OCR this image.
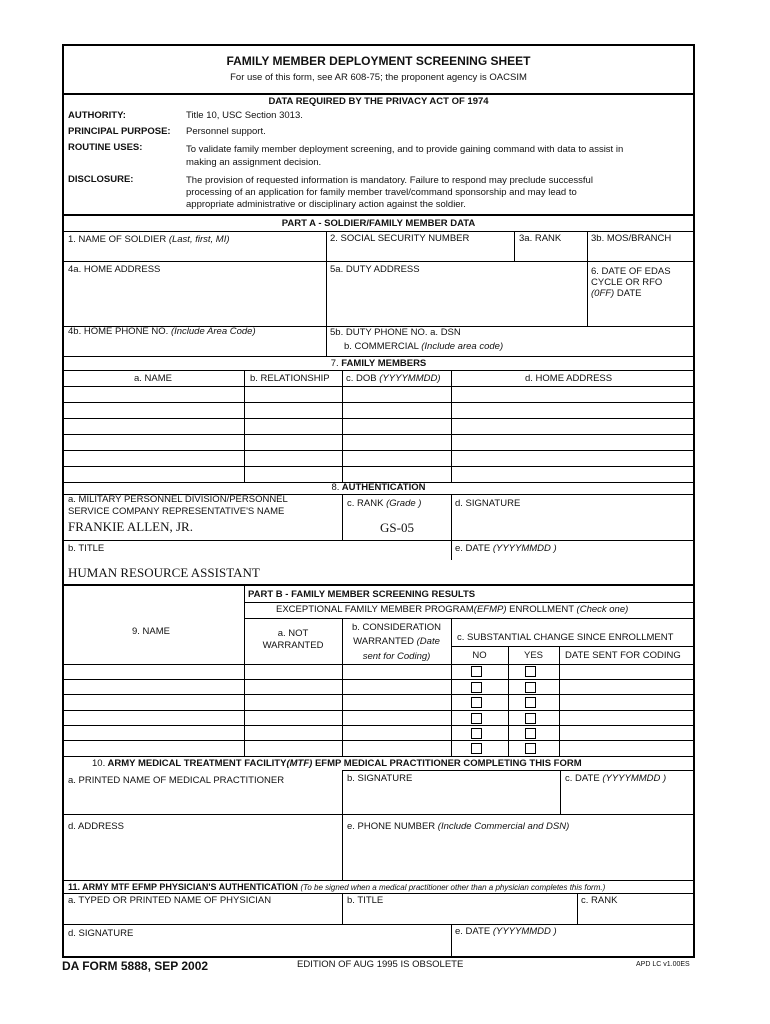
FAMILY MEMBER DEPLOYMENT SCREENING SHEET
For use of this form, see AR 608-75; the proponent agency is OACSIM
DATA REQUIRED BY THE PRIVACY ACT OF 1974
AUTHORITY:	Title 10, USC Section 3013.
PRINCIPAL PURPOSE: Personnel support.
ROUTINE USES:	To validate family member deployment screening, and to provide gaining command with data to assist in
making an assignment decision.
DISCLOSURE:	The provision of requested information is mandatory. Failure to respond may preclude successful
processing of an application for family member travel/command sponsorship and may lead to
appropriate administrative or disciplinary action against the soldier.
PART A - SOLDIER/FAMILY MEMBER DATA
1. NAME OF SOLDIER (Last, first, MI)	2. SOCIAL SECURITY NUMBER	3a. RANK	3b. MOS/BRANCH
4a. HOME ADDRESS	5a. DUTY ADDRESS	6. DATE OF EDAS
CYCLE OR RFO
(0FF) DATE
4b. HOME PHONE NO. (Include Area Code)	5b. DUTY PHONE NO. a. DSN
b. COMMERCIAL (Include area code)
7. FAMILY MEMBERS
a. NAME	b. RELATIONSHIP c. DOB (YYYYMMDD)	d. HOME ADDRESS
8. AUTHENTICATION
a. MILITARY PERSONNEL DIVISION/PERSONNEL
SERVICE COMPANY REPRESENTATIVE'S NAME
FRANKIE ALLEN, JR.
c. RANK (Grade )
GS-05
d. SIGNATURE
b. TITLE
HUMAN RESOURCE ASSISTANT
e. DATE (YYYYMMDD )
PART B - FAMILY MEMBER SCREENING RESULTS
EXCEPTIONAL FAMILY MEMBER PROGRAM(EFMP) ENROLLMENT (Check one)
9. NAME	a. NOT
WARRANTED
b. CONSIDERATION
WARRANTED (Date
sent for Coding)
c. SUBSTANTIAL CHANGE SINCE ENROLLMENT
NO	YES	DATE SENT FOR CODING
10. ARMY MEDICAL TREATMENT FACILITY(MTF) EFMP MEDICAL PRACTITIONER COMPLETING THIS FORM
a. PRINTED NAME OF MEDICAL PRACTITIONER	b. SIGNATURE	c. DATE (YYYYMMDD )
d. ADDRESS	e. PHONE NUMBER (Include Commercial and DSN)
11. ARMY MTF EFMP PHYSICIAN'S AUTHENTICATION (To be signed when a medical practitioner other than a physician completes this form.)
a. TYPED OR PRINTED NAME OF PHYSICIAN	b. TITLE	c. RANK
d. SIGNATURE	e. DATE (YYYYMMDD )
DA FORM 5888, SEP 2002	EDITION OF AUG 1995 IS OBSOLETE	APD LC v1.00ES
